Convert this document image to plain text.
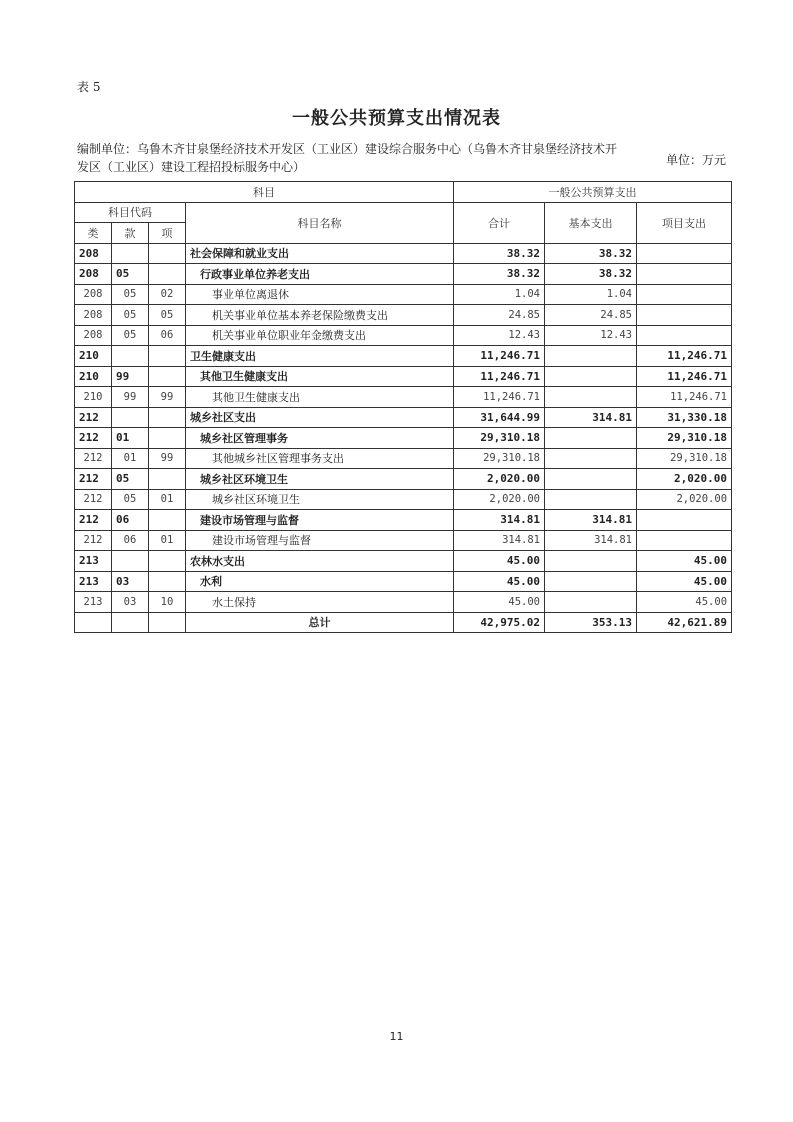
表 5
一般公共预算支出情况表
编制单位：乌鲁木齐甘泉堡经济技术开发区（工业区）建设综合服务中心（乌鲁木齐甘泉堡经济技术开发区（工业区）建设工程招投标服务中心）	单位：万元
科目				一般公共预算支出		
科目代码			科目名称	合计	基本支出	项目支出
类	款	项				
208			社会保障和就业支出	38.32	38.32	
208	05		行政事业单位养老支出	38.32	38.32	
208	05	02	事业单位离退休	1.04	1.04	
208	05	05	机关事业单位基本养老保险缴费支出	24.85	24.85	
208	05	06	机关事业单位职业年金缴费支出	12.43	12.43	
210			卫生健康支出	11,246.71		11,246.71
210	99		其他卫生健康支出	11,246.71		11,246.71
210	99	99	其他卫生健康支出	11,246.71		11,246.71
212			城乡社区支出	31,644.99	314.81	31,330.18
212	01		城乡社区管理事务	29,310.18		29,310.18
212	01	99	其他城乡社区管理事务支出	29,310.18		29,310.18
212	05		城乡社区环境卫生	2,020.00		2,020.00
212	05	01	城乡社区环境卫生	2,020.00		2,020.00
212	06		建设市场管理与监督	314.81	314.81	
212	06	01	建设市场管理与监督	314.81	314.81	
213			农林水支出	45.00		45.00
213	03		水利	45.00		45.00
213	03	10	水土保持	45.00		45.00
			总计	42,975.02	353.13	42,621.89
11
